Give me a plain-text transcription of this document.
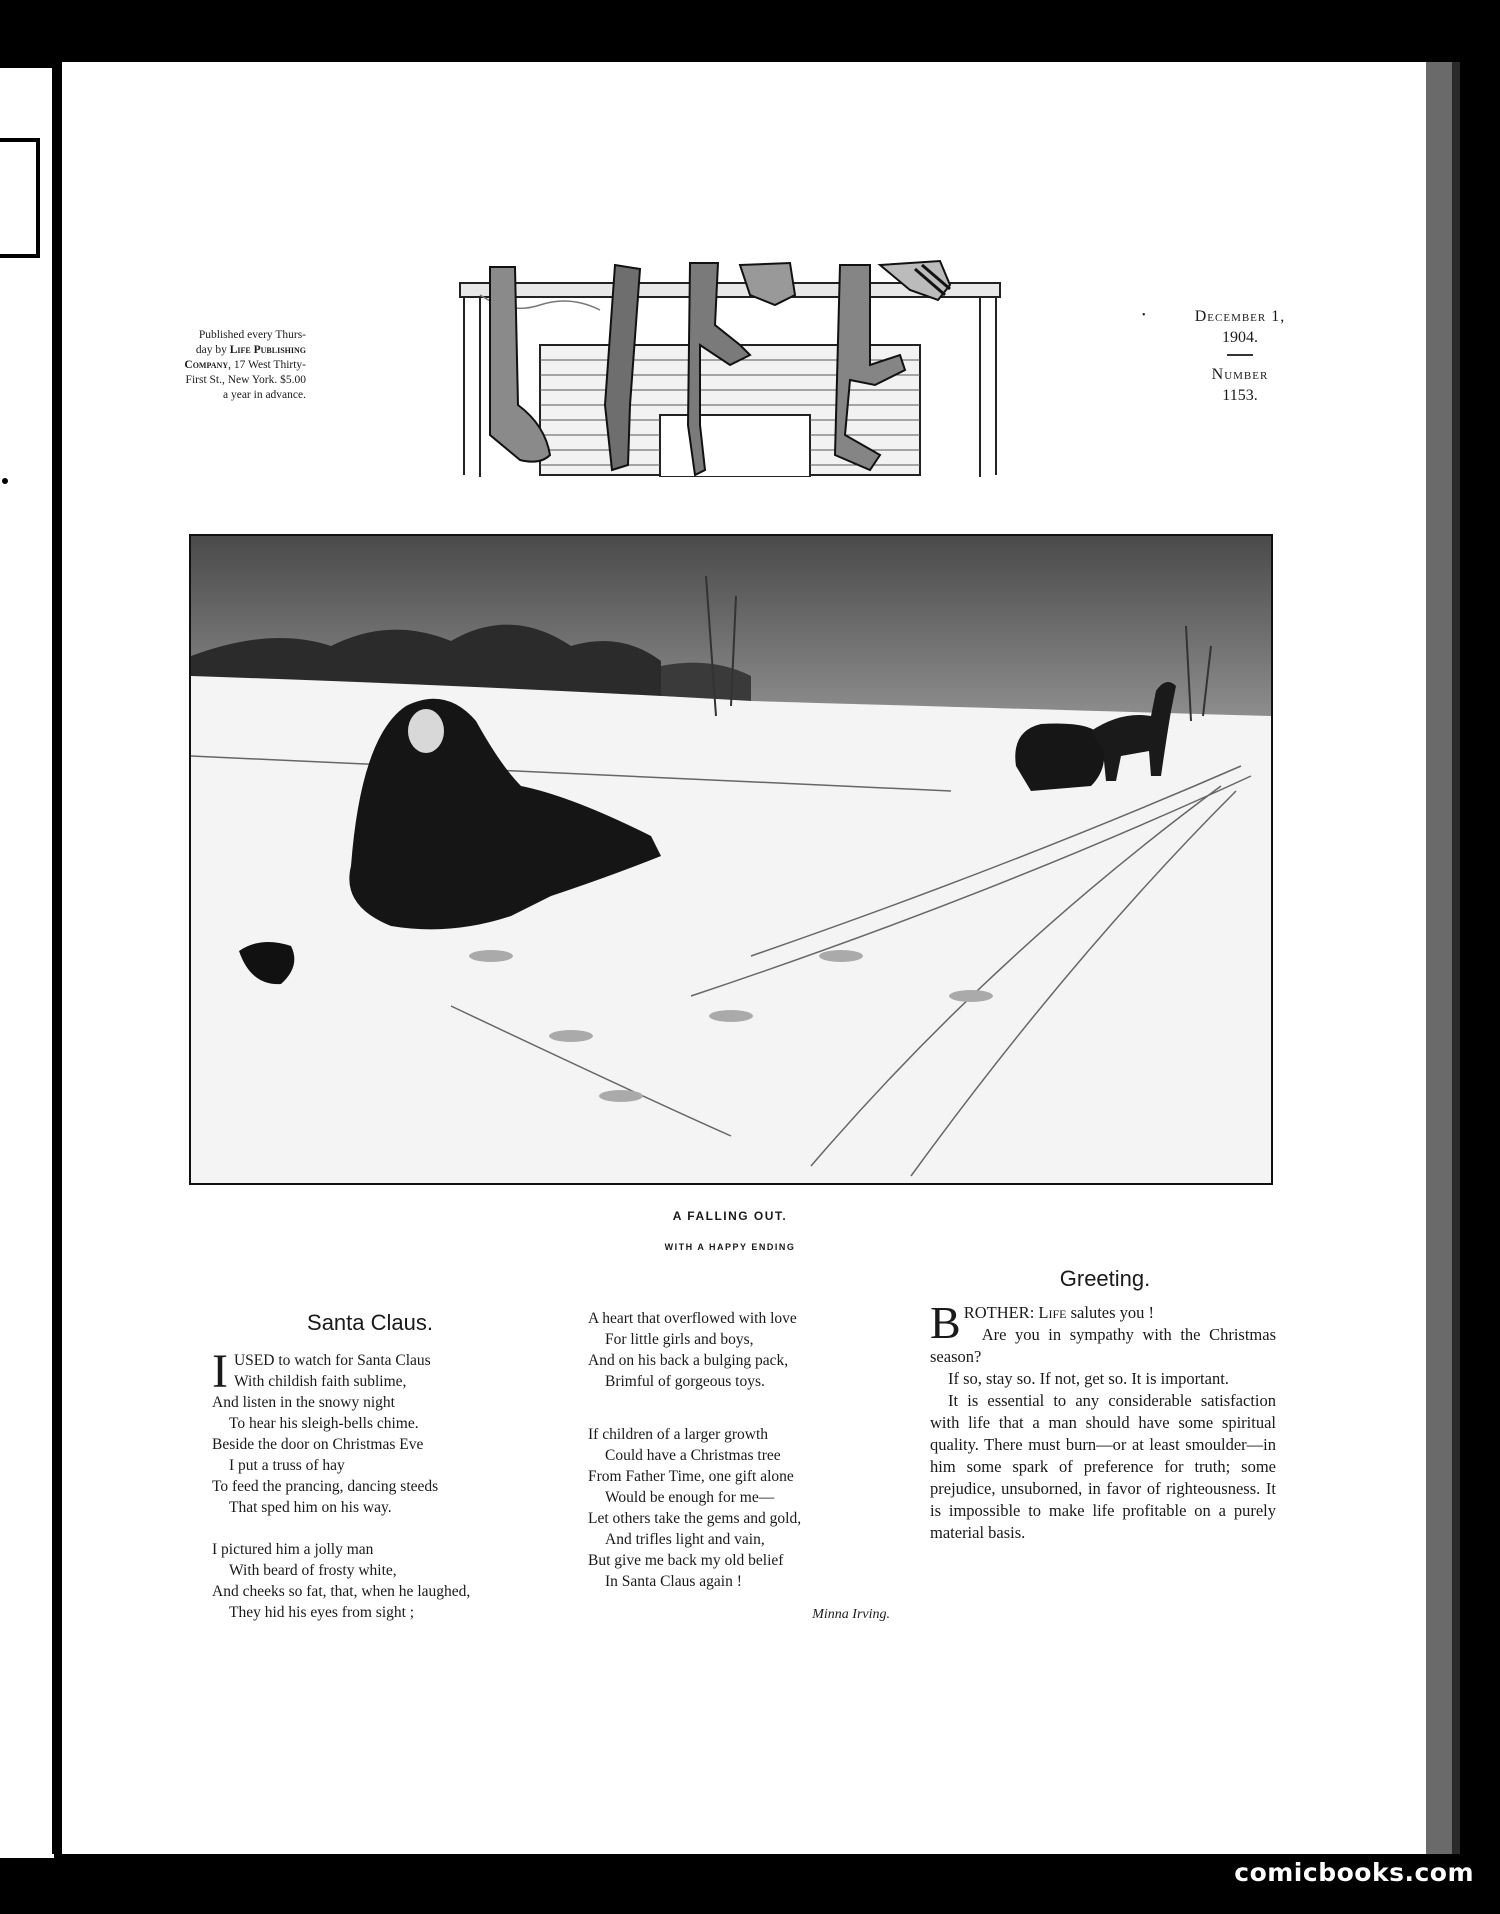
Published every Thurs-
day by Life Publishing
Company, 17 West Thirty-
First St., New York. $5.00
a year in advance.
•	December 1,
1904.
Number
1153.
A FALLING OUT.
WITH A HAPPY ENDING
Santa Claus.
I USED to watch for Santa Claus
With childish faith sublime,
And listen in the snowy night
To hear his sleigh-bells chime.
Beside the door on Christmas Eve
I put a truss of hay
To feed the prancing, dancing steeds
That sped him on his way.
I pictured him a jolly man
With beard of frosty white,
And cheeks so fat, that, when he laughed,
They hid his eyes from sight ;
A heart that overflowed with love
For little girls and boys,
And on his back a bulging pack,
Brimful of gorgeous toys.
If children of a larger growth
Could have a Christmas tree
From Father Time, one gift alone
Would be enough for me—
Let others take the gems and gold,
And trifles light and vain,
But give me back my old belief
In Santa Claus again !
Minna Irving.
Greeting.

BROTHER: Life salutes you !
Are you in sympathy with the Christmas season?

If so, stay so. If not, get so. It is important.

It is essential to any considerable satisfaction with life that a man should have some spiritual quality. There must burn—or at least smoulder—in him some spark of preference for truth; some prejudice, unsuborned, in favor of righteousness. It is impossible to make life profitable on a purely material basis.

comicbooks.com
